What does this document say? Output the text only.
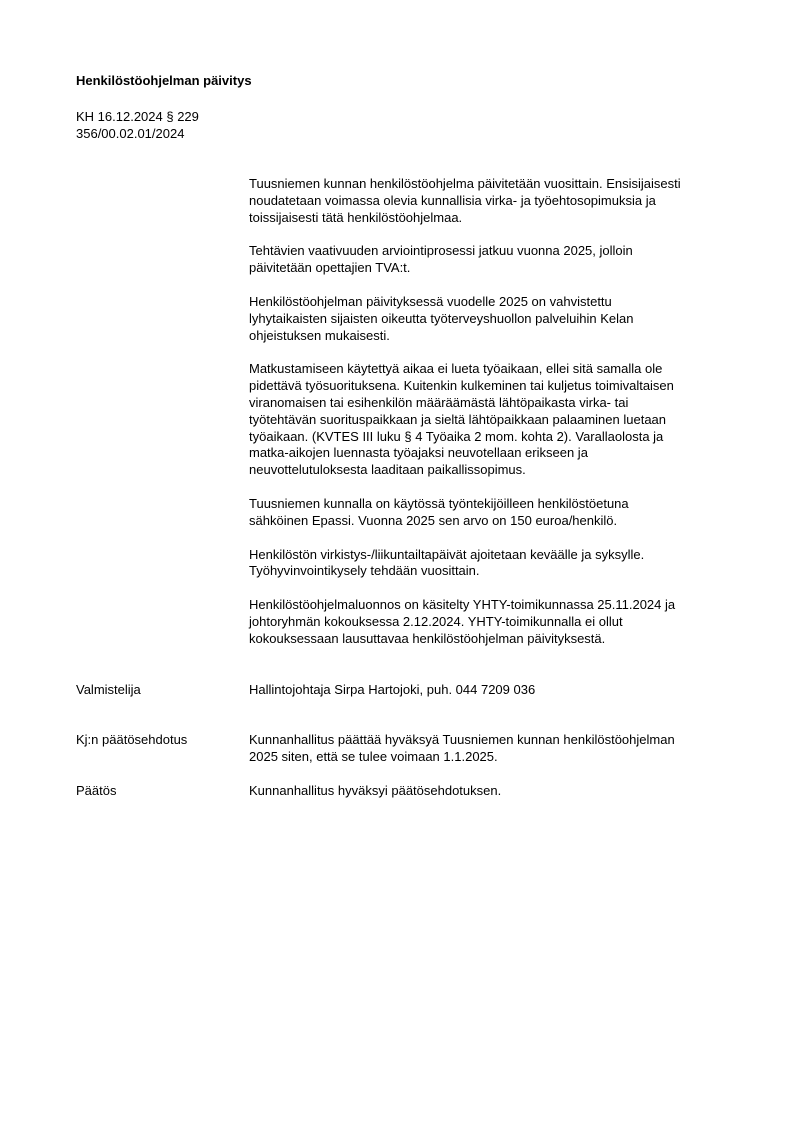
Henkilöstöohjelman päivitys
KH 16.12.2024 § 229
356/00.02.01/2024
Tuusniemen kunnan henkilöstöohjelma päivitetään vuosittain. Ensisijaisesti
noudatetaan voimassa olevia kunnallisia virka- ja työehtosopimuksia ja
toissijaisesti tätä henkilöstöohjelmaa.
Tehtävien vaativuuden arviointiprosessi jatkuu vuonna 2025, jolloin
päivitetään opettajien TVA:t.
Henkilöstöohjelman päivityksessä vuodelle 2025 on vahvistettu
lyhytaikaisten sijaisten oikeutta työterveyshuollon palveluihin Kelan
ohjeistuksen mukaisesti.
Matkustamiseen käytettyä aikaa ei lueta työaikaan, ellei sitä samalla ole
pidettävä työsuorituksena. Kuitenkin kulkeminen tai kuljetus toimivaltaisen
viranomaisen tai esihenkilön määräämästä lähtöpaikasta virka- tai
työtehtävän suorituspaikkaan ja sieltä lähtöpaikkaan palaaminen luetaan
työaikaan. (KVTES III luku § 4 Työaika 2 mom. kohta 2). Varallaolosta ja
matka-aikojen luennasta työajaksi neuvotellaan erikseen ja
neuvottelutuloksesta laaditaan paikallissopimus.
Tuusniemen kunnalla on käytössä työntekijöilleen henkilöstöetuna
sähköinen Epassi. Vuonna 2025 sen arvo on 150 euroa/henkilö.
Henkilöstön virkistys-/liikuntailtapäivät ajoitetaan keväälle ja syksylle.
Työhyvinvointikysely tehdään vuosittain.
Henkilöstöohjelmaluonnos on käsitelty YHTY-toimikunnassa 25.11.2024 ja
johtoryhmän kokouksessa 2.12.2024. YHTY-toimikunnalla ei ollut
kokouksessaan lausuttavaa henkilöstöohjelman päivityksestä.
Valmistelija	Hallintojohtaja Sirpa Hartojoki, puh. 044 7209 036
Kj:n päätösehdotus	Kunnanhallitus päättää hyväksyä Tuusniemen kunnan henkilöstöohjelman
2025 siten, että se tulee voimaan 1.1.2025.
Päätös	Kunnanhallitus hyväksyi päätösehdotuksen.
